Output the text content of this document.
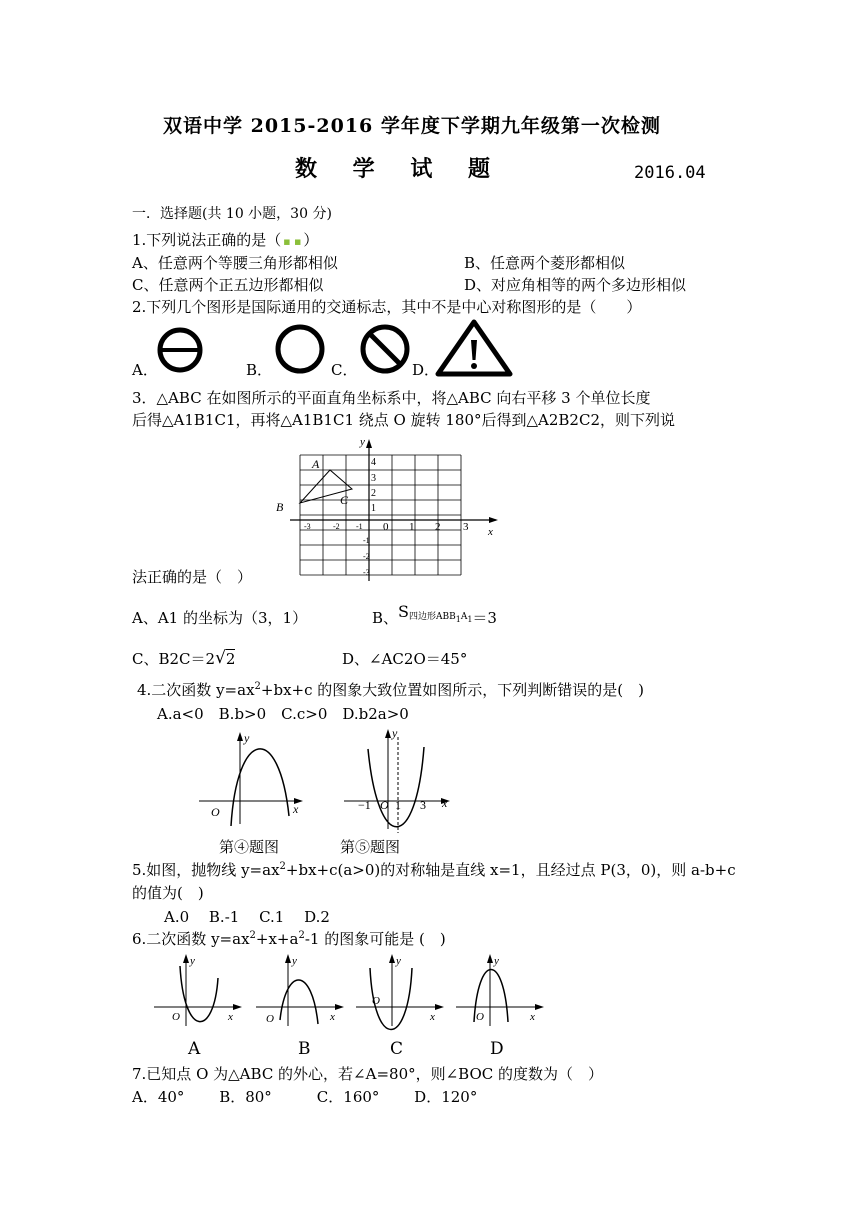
双语中学 2015-2016 学年度下学期九年级第一次检测
数 学 试 题	2016.04
一．选择题(共 10 小题，30 分)
1.下列说法正确的是（ ▪ ▪ ）
A、任意两个等腰三角形都相似	B、任意两个菱形都相似
C、任意两个正五边形都相似	D、对应角相等的两个多边形相似
2.下列几个图形是国际通用的交通标志，其中不是中心对称图形的是（　　）
A．	B．	C．	D．
3．△ABC 在如图所示的平面直角坐标系中，将△ABC 向右平移 3 个单位长度
后得△A1B1C1，再将△A1B1C1 绕点 O 旋转 180°后得到△A2B2C2，则下列说
y
x
-3	-2 -1 0 1 2 3
4
3
2
1
-1
-2
-3
A
B	C
法正确的是（　）
A、A1 的坐标为（3，1）	B、$S^{四边形ABB_1A_1}=3$
C、B2C＝2√2	D、∠AC2O＝45°
4.二次函数 $y=ax^2+bx+c$ 的图象大致位置如图所示，下列判断错误的是(　)
A.a<0　B.b>0　C.c>0　D.b2a>0
y
x
O
y
x
−1 O 1 3
第④题图	第⑤题图
5.如图，抛物线 $y=ax^2+bx+c(a>0)$的对称轴是直线 x=1，且经过点 P(3，0)，则 a-b+c
的值为(　)
A.0　 B.-1　 C.1　 D.2
6.二次函数 $y=ax^2+x+a^2-1$ 的图象可能是 (　)
y
x
O
y
x
O
y
x
O
y
x
O
A	B	C	D
7.已知点 O 为△ABC 的外心，若∠A=80°，则∠BOC 的度数为（　）
A．40°　　 B．80°　　　C．160°　　 D．120°
